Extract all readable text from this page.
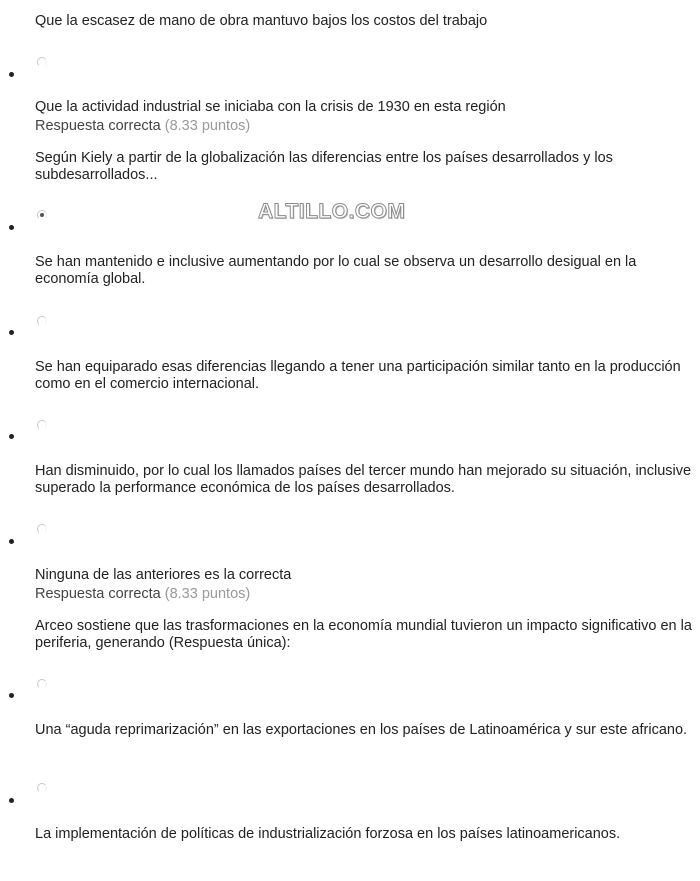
Que la escasez de mano de obra mantuvo bajos los costos del trabajo
Que la actividad industrial se iniciaba con la crisis de 1930 en esta región
Respuesta correcta (8.33 puntos)
Según Kiely a partir de la globalización las diferencias entre los países desarrollados y los subdesarrollados...
ALTILLO.COM
Se han mantenido e inclusive aumentando por lo cual se observa un desarrollo desigual en la economía global.
Se han equiparado esas diferencias llegando a tener una participación similar tanto en la producción como en el comercio internacional.
Han disminuido, por lo cual los llamados países del tercer mundo han mejorado su situación, inclusive superado la performance económica de los países desarrollados.
Ninguna de las anteriores es la correcta
Respuesta correcta (8.33 puntos)
Arceo sostiene que las trasformaciones en la economía mundial tuvieron un impacto significativo en la periferia, generando (Respuesta única):
Una “aguda reprimarización” en las exportaciones en los países de Latinoamérica y sur este africano.
La implementación de políticas de industrialización forzosa en los países latinoamericanos.
